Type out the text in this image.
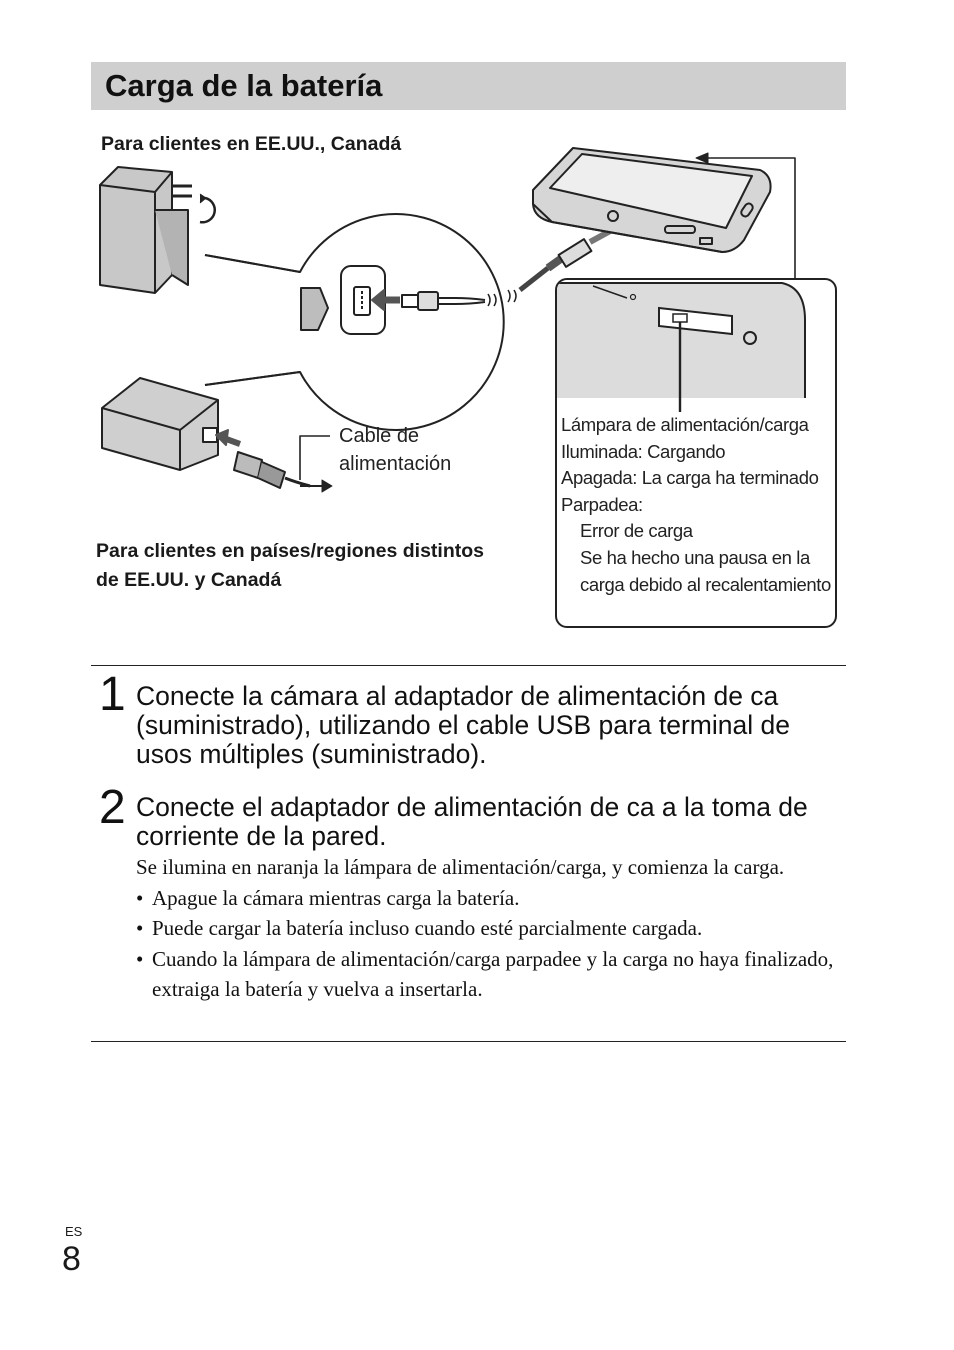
Carga de la batería
Para clientes en EE.UU., Canadá
Cable de
alimentación
Para clientes en países/regiones distintos de EE.UU. y Canadá
Lámpara de alimentación/carga
Iluminada: Cargando
Apagada: La carga ha terminado
Parpadea:
Error de carga
Se ha hecho una pausa en la carga debido al recalentamiento
1 Conecte la cámara al adaptador de alimentación de ca (suministrado), utilizando el cable USB para terminal de usos múltiples (suministrado).
2 Conecte el adaptador de alimentación de ca a la toma de corriente de la pared.
Se ilumina en naranja la lámpara de alimentación/carga, y comienza la carga.
• Apague la cámara mientras carga la batería.
• Puede cargar la batería incluso cuando esté parcialmente cargada.
• Cuando la lámpara de alimentación/carga parpadee y la carga no haya finalizado, extraiga la batería y vuelva a insertarla.
ES
8
